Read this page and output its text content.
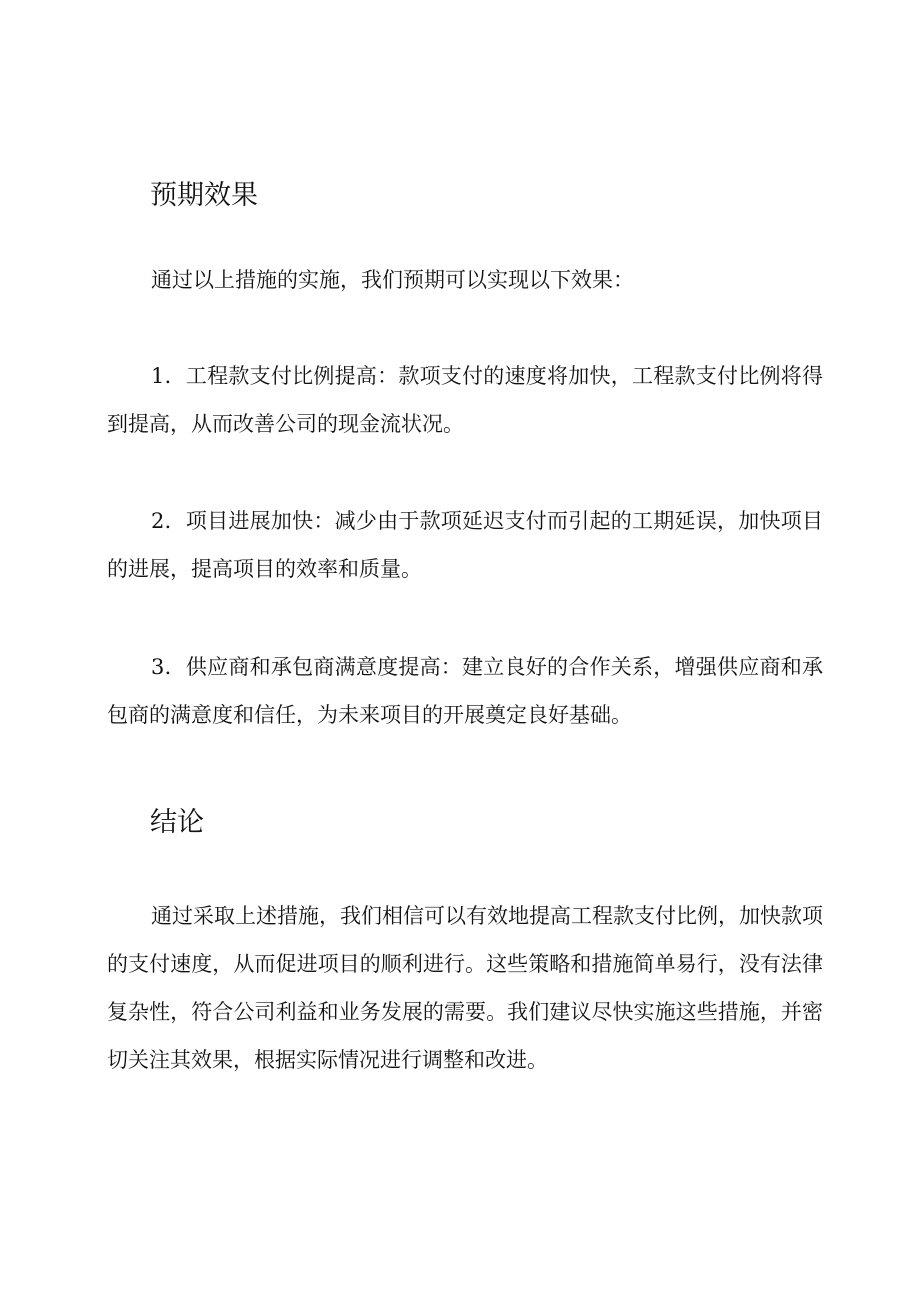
预期效果

通过以上措施的实施，我们预期可以实现以下效果：

1．工程款支付比例提高：款项支付的速度将加快，工程款支付比例将得到提高，从而改善公司的现金流状况。

2．项目进展加快：减少由于款项延迟支付而引起的工期延误，加快项目的进展，提高项目的效率和质量。

3．供应商和承包商满意度提高：建立良好的合作关系，增强供应商和承包商的满意度和信任，为未来项目的开展奠定良好基础。

结论

通过采取上述措施，我们相信可以有效地提高工程款支付比例，加快款项的支付速度，从而促进项目的顺利进行。这些策略和措施简单易行，没有法律复杂性，符合公司利益和业务发展的需要。我们建议尽快实施这些措施，并密切关注其效果，根据实际情况进行调整和改进。
